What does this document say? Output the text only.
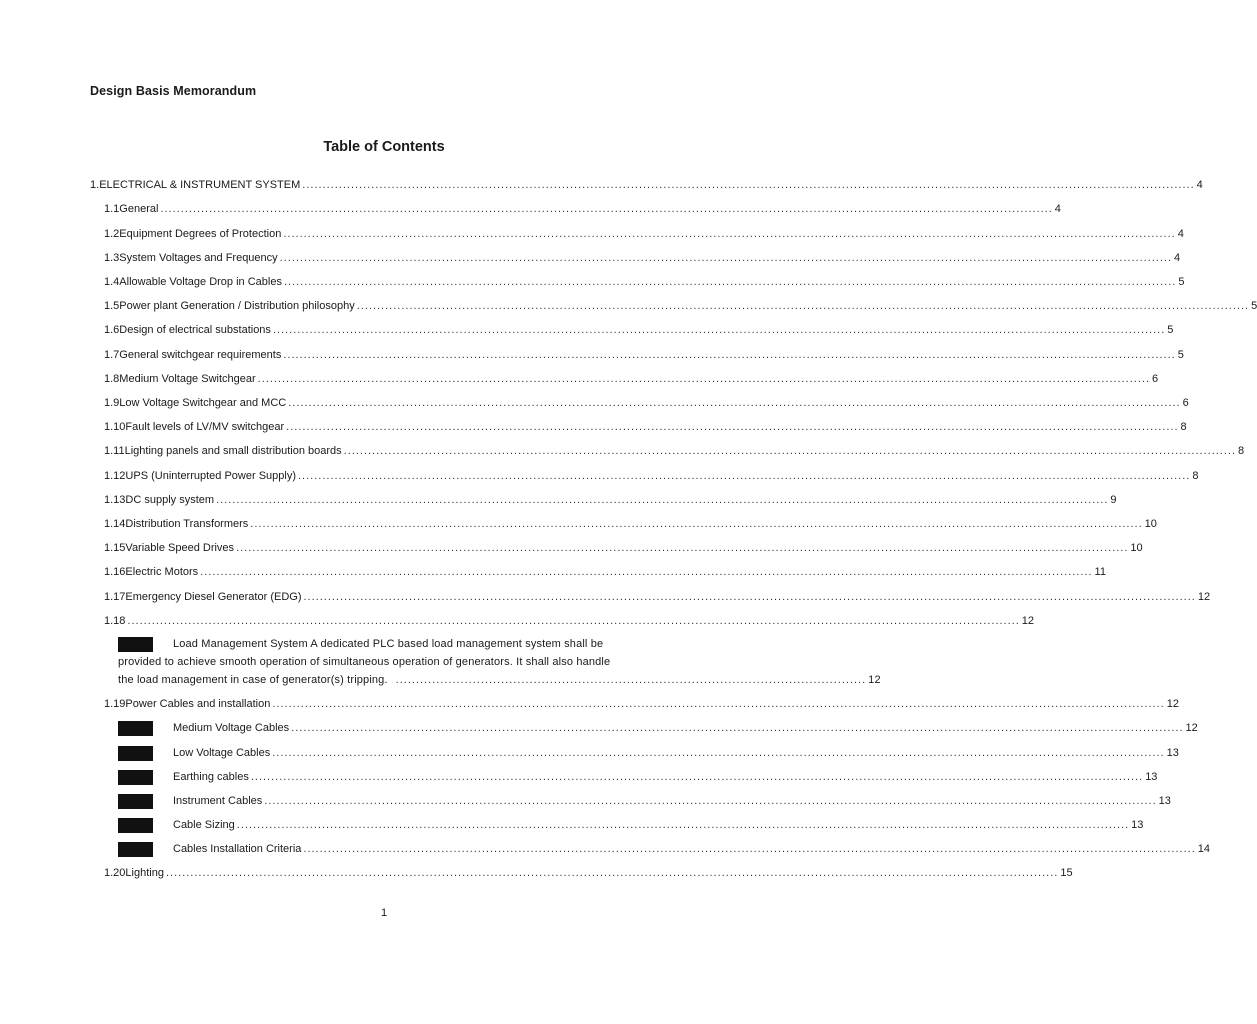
Design Basis Memorandum
Table of Contents
1. ELECTRICAL & INSTRUMENT SYSTEM ............................................................................................................................................................................................................................ 4
1.1 General ............................................................................................................................................................................................................................ 4
1.2 Equipment Degrees of Protection ............................................................................................................................................................................................................................ 4
1.3 System Voltages and Frequency ............................................................................................................................................................................................................................ 4
1.4 Allowable Voltage Drop in Cables ............................................................................................................................................................................................................................ 5
1.5 Power plant Generation / Distribution philosophy ............................................................................................................................................................................................................................ 5
1.6 Design of electrical substations ............................................................................................................................................................................................................................ 5
1.7 General switchgear requirements ............................................................................................................................................................................................................................ 5
1.8 Medium Voltage Switchgear ............................................................................................................................................................................................................................ 6
1.9 Low Voltage Switchgear and MCC ............................................................................................................................................................................................................................ 6
1.10 Fault levels of LV/MV switchgear ............................................................................................................................................................................................................................ 8
1.11 Lighting panels and small distribution boards ............................................................................................................................................................................................................................ 8
1.12 UPS (Uninterrupted Power Supply) ............................................................................................................................................................................................................................ 8
1.13 DC supply system ............................................................................................................................................................................................................................ 9
1.14 Distribution Transformers ............................................................................................................................................................................................................................ 10
1.15 Variable Speed Drives ............................................................................................................................................................................................................................ 10
1.16 Electric Motors ............................................................................................................................................................................................................................ 11
1.17 Emergency Diesel Generator (EDG) ............................................................................................................................................................................................................................ 12
1.18 ............................................................................................................................................................................................................................ 12
1.19 Power Cables and installation ............................................................................................................................................................................................................................ 12
Medium Voltage Cables ............................................................................................................................................................................................................................ 12
Low Voltage Cables ............................................................................................................................................................................................................................ 13
Earthing cables ............................................................................................................................................................................................................................ 13
Instrument Cables ............................................................................................................................................................................................................................ 13
Cable Sizing ............................................................................................................................................................................................................................ 13
Cables Installation Criteria ............................................................................................................................................................................................................................ 14
1.20 Lighting ............................................................................................................................................................................................................................ 15
Load Management System A dedicated PLC based load management system shall be
provided to achieve smooth operation of simultaneous operation of generators. It shall also handle
the load management in case of generator(s) tripping. .................................................................................................................... 12
1
